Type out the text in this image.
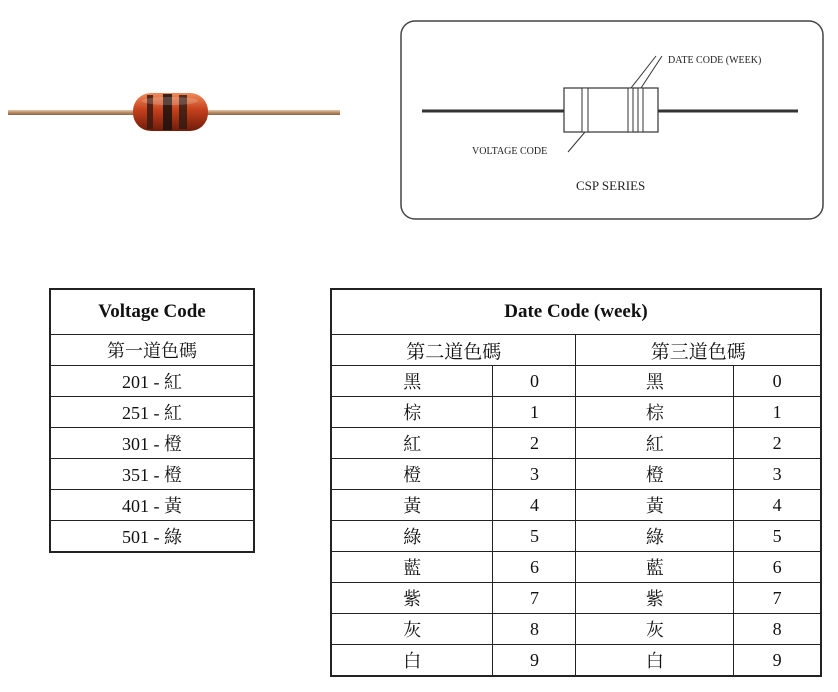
DATE CODE (WEEK)
VOLTAGE CODE
CSP SERIES
Voltage Code
第一道色碼
201 - 紅
251 - 紅
301 - 橙
351 - 橙
401 - 黃
501 - 綠
Date Code (week)			
第二道色碼		第三道色碼	
黑	0	黑	0
棕	1	棕	1
紅	2	紅	2
橙	3	橙	3
黃	4	黃	4
綠	5	綠	5
藍	6	藍	6
紫	7	紫	7
灰	8	灰	8
白	9	白	9
